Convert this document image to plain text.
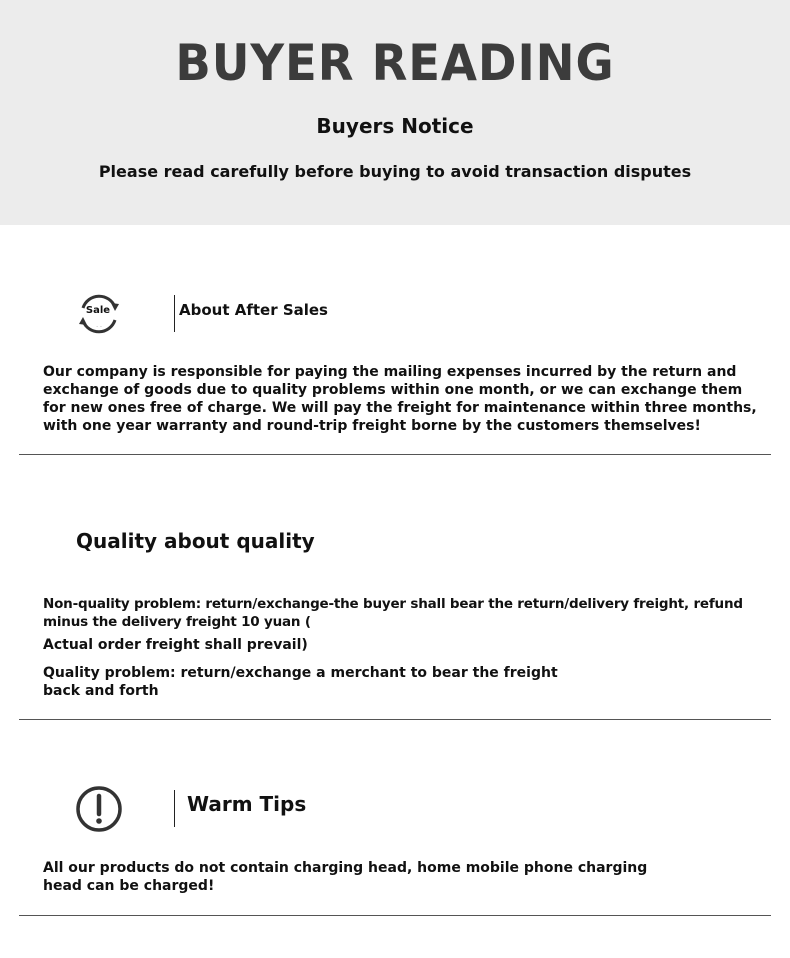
BUYER READING
Buyers Notice
Please read carefully before buying to avoid transaction disputes
Sale
. .
About After Sales
Our company is responsible for paying the mailing expenses incurred by the return and exchange of goods due to quality problems within one month, or we can exchange them for new ones free of charge. We will pay the freight for maintenance within three months, with one year warranty and round-trip freight borne by the customers themselves!
Quality about quality
Non-quality problem: return/exchange-the buyer shall bear the return/delivery freight, refund minus the delivery freight 10 yuan (
Actual order freight shall prevail)
Quality problem: return/exchange a merchant to bear the freight back and forth
Warm Tips
All our products do not contain charging head, home mobile phone charging head can be charged!
